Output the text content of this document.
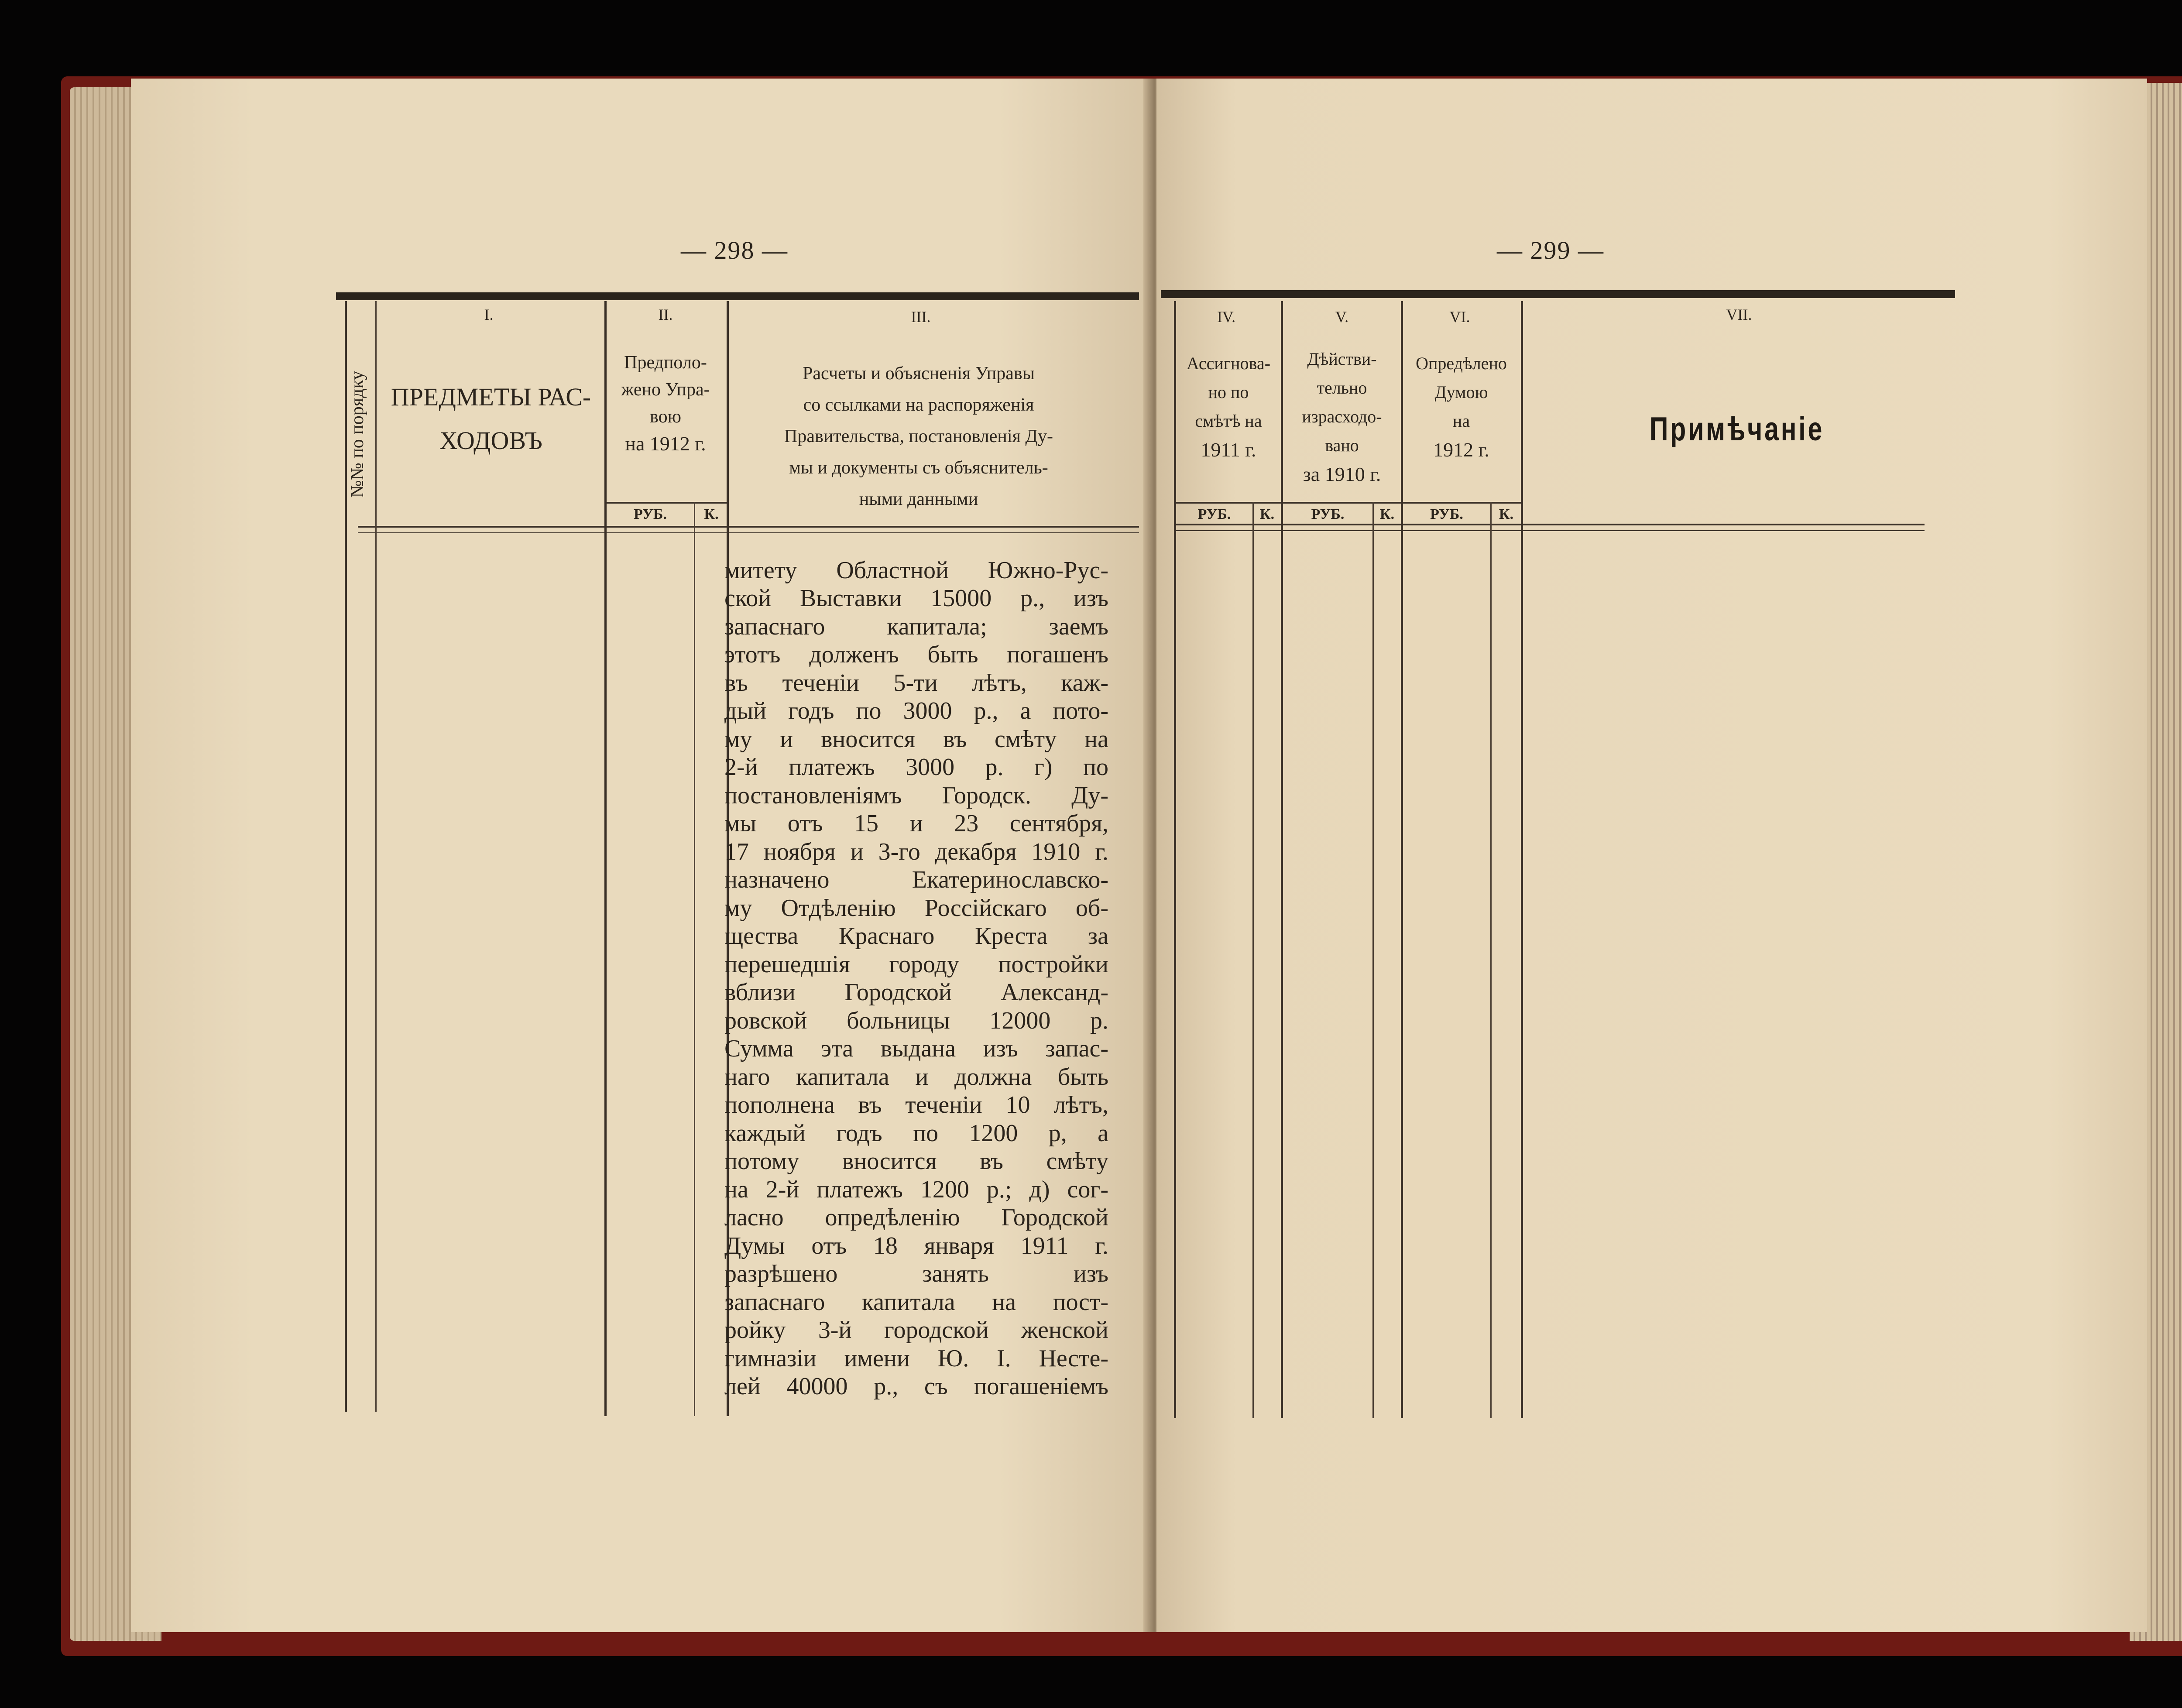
— 298 —
№№ по порядку
I.
ПРЕДМЕТЫ РАС-
ХОДОВЪ
II.
Предполо-
жено Упра-
вою
на 1912 г.
РУБ.	К.
III.
Расчеты и объясненія Управы
со ссылками на распоряженія
Правительства, постановленія Ду-
мы и документы съ объяснитель-
ными данными
митету Областной Южно-Рус-
ской Выставки 15000 р., изъ
запаснаго капитала; заемъ
этотъ долженъ быть погашенъ
въ теченіи 5-ти лѣтъ, каж-
дый годъ по 3000 р., а пото-
му и вносится въ смѣту на
2-й платежъ 3000 р. г) по
постановленіямъ Городск. Ду-
мы отъ 15 и 23 сентября,
17 ноября и 3-го декабря 1910 г.
назначено Екатеринославско-
му Отдѣленію Россійскаго об-
щества Краснаго Креста за
перешедшія городу постройки
вблизи Городской Александ-
ровской больницы 12000 р.
Сумма эта выдана изъ запас-
наго капитала и должна быть
пополнена въ теченіи 10 лѣтъ,
каждый годъ по 1200 р, а
потому вносится въ смѣту
на 2-й платежъ 1200 р.; д) сог-
ласно опредѣленію Городской
Думы отъ 18 января 1911 г.
разрѣшено занять изъ
запаснаго капитала на пост-
ройку 3-й городской женской
гимназіи имени Ю. І. Несте-
лей 40000 р., съ погашеніемъ
— 299 —
IV.
Ассигнова-
но по
смѣтѣ на
1911 г.
РУБ.	К.
V.
Дѣйстви-
тельно
израсходо-
вано
за 1910 г.
РУБ.	К.
VI.
Опредѣлено
Думою
на
1912 г.
РУБ.	К.
VII.
Примѣчаніе
